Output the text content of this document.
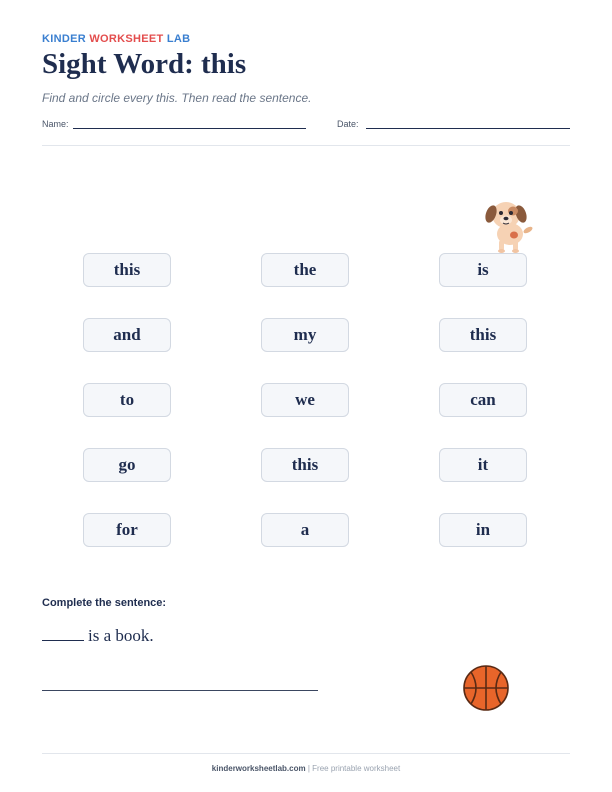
KINDER WORKSHEET LAB
Sight Word: this
Find and circle every this. Then read the sentence.
Name:	Date:
this	the	is
and	my	this
to	we	can
go	this	it
for	a	in
Complete the sentence:
is a book.
kinderworksheetlab.com | Free printable worksheet
